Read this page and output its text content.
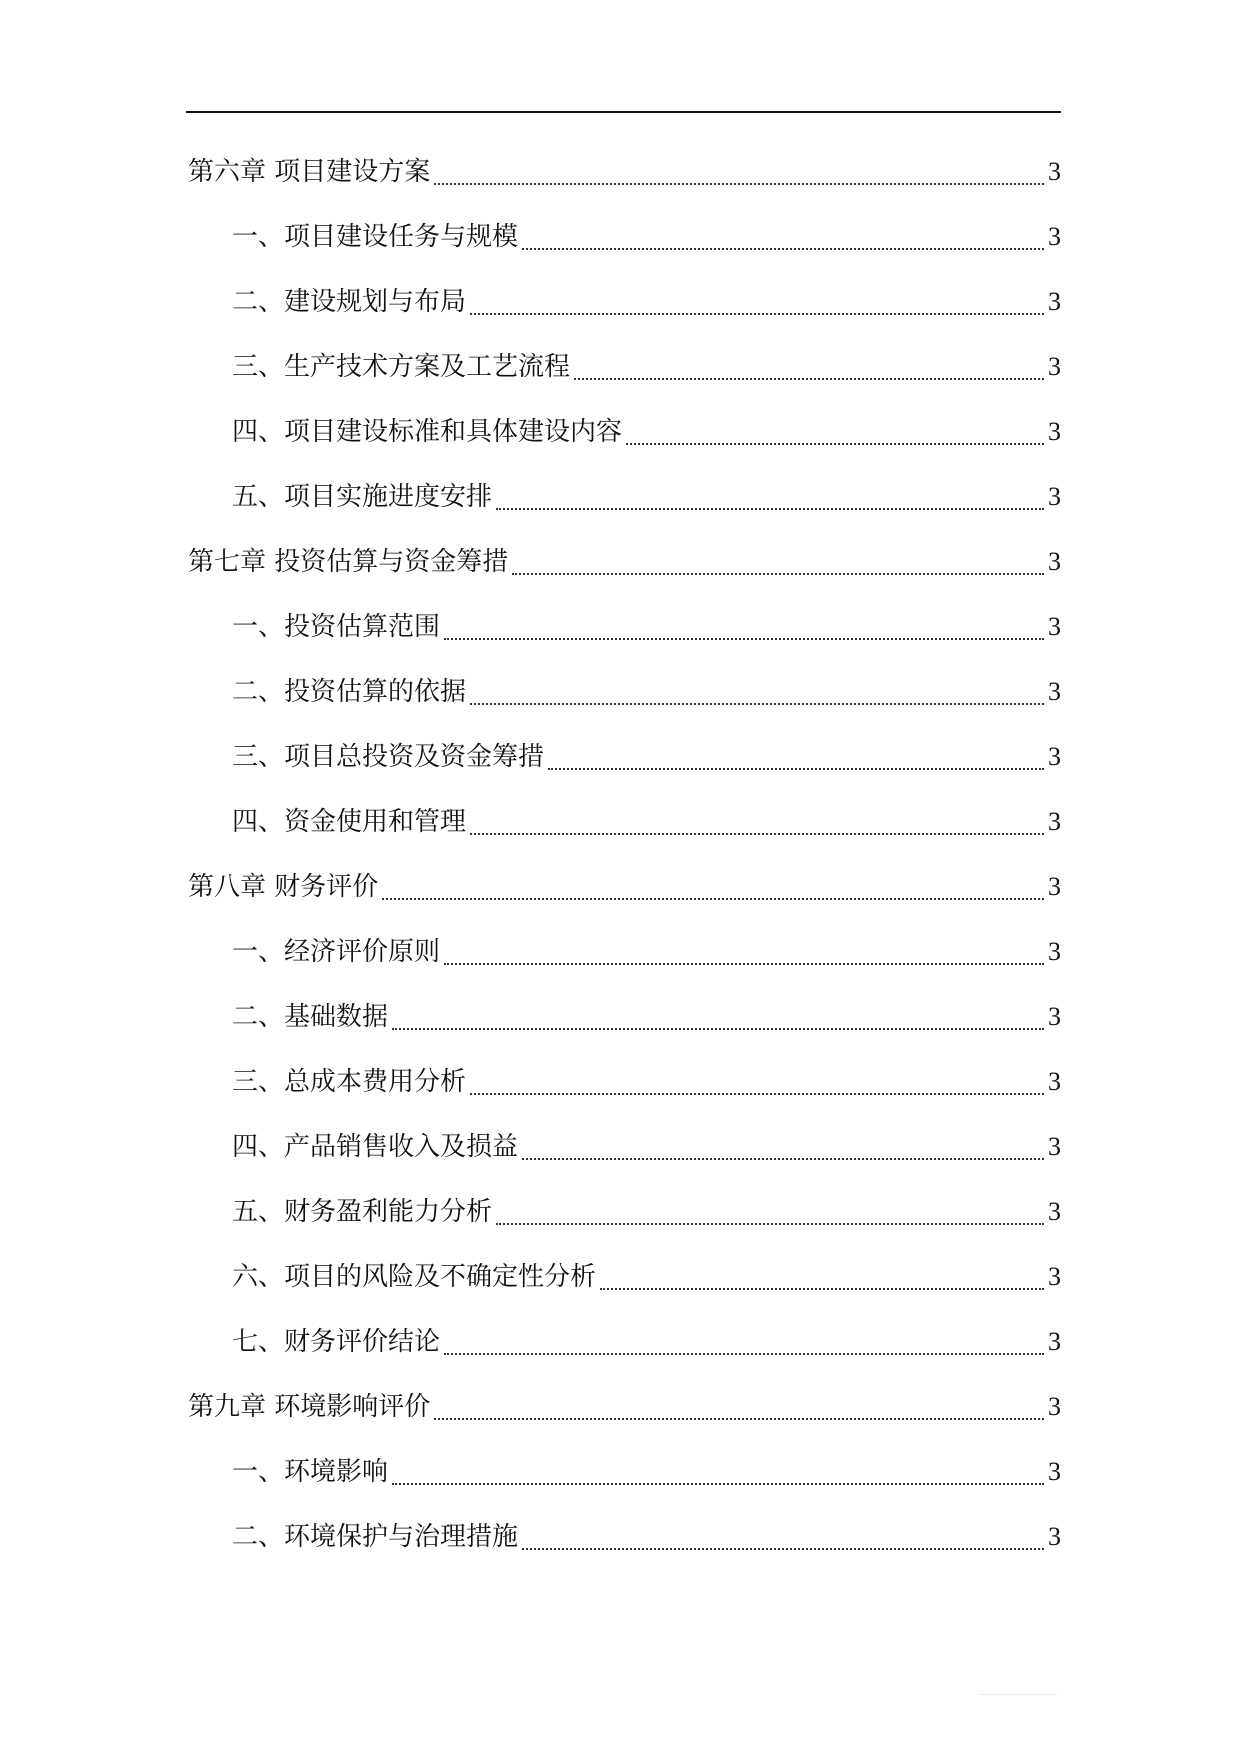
第六章 项目建设方案	3
一、项目建设任务与规模	3
二、建设规划与布局	3
三、生产技术方案及工艺流程	3
四、项目建设标准和具体建设内容	3
五、项目实施进度安排	3
第七章 投资估算与资金筹措	3
一、投资估算范围	3
二、投资估算的依据	3
三、项目总投资及资金筹措	3
四、资金使用和管理	3
第八章 财务评价	3
一、经济评价原则	3
二、基础数据	3
三、总成本费用分析	3
四、产品销售收入及损益	3
五、财务盈利能力分析	3
六、项目的风险及不确定性分析	3
七、财务评价结论	3
第九章 环境影响评价	3
一、环境影响	3
二、环境保护与治理措施	3
